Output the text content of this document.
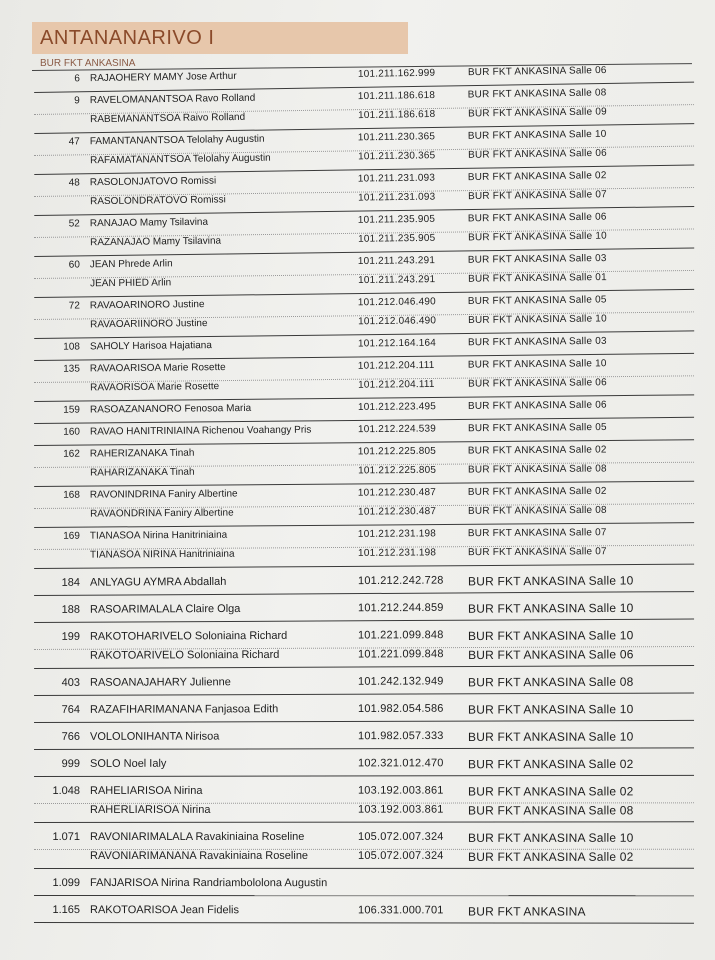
ANTANANARIVO I
BUR FKT ANKASINA
6 RAJAOHERY MAMY Jose Arthur	101.211.162.999	BUR FKT ANKASINA Salle 06
9 RAVELOMANANTSOA Ravo Rolland	101.211.186.618	BUR FKT ANKASINA Salle 08
RABEMANANTSOA Raivo Rolland	101.211.186.618	BUR FKT ANKASINA Salle 09
47 FAMANTANANTSOA Telolahy Augustin	101.211.230.365	BUR FKT ANKASINA Salle 10
RAFAMATANANTSOA Telolahy Augustin	101.211.230.365	BUR FKT ANKASINA Salle 06
48 RASOLONJATOVO Romissi	101.211.231.093	BUR FKT ANKASINA Salle 02
RASOLONDRATOVO Romissi	101.211.231.093	BUR FKT ANKASINA Salle 07
52 RANAJAO Mamy Tsilavina	101.211.235.905	BUR FKT ANKASINA Salle 06
RAZANAJAO Mamy Tsilavina	101.211.235.905	BUR FKT ANKASINA Salle 10
60 JEAN Phrede Arlin	101.211.243.291	BUR FKT ANKASINA Salle 03
JEAN PHIED Arlin	101.211.243.291	BUR FKT ANKASINA Salle 01
72 RAVAOARINORO Justine	101.212.046.490	BUR FKT ANKASINA Salle 05
RAVAOARIINORO Justine	101.212.046.490	BUR FKT ANKASINA Salle 10
108 SAHOLY Harisoa Hajatiana	101.212.164.164	BUR FKT ANKASINA Salle 03
135 RAVAOARISOA Marie Rosette	101.212.204.111	BUR FKT ANKASINA Salle 10
RAVAORISOA Marie Rosette	101.212.204.111	BUR FKT ANKASINA Salle 06
159 RASOAZANANORO Fenosoa Maria	101.212.223.495	BUR FKT ANKASINA Salle 06
160 RAVAO HANITRINIAINA Richenou Voahangy Pris	101.212.224.539	BUR FKT ANKASINA Salle 05
162 RAHERIZANAKA Tinah	101.212.225.805	BUR FKT ANKASINA Salle 02
RAHARIZANAKA Tinah	101.212.225.805	BUR FKT ANKASINA Salle 08
168 RAVONINDRINA Faniry Albertine	101.212.230.487	BUR FKT ANKASINA Salle 02
RAVAONDRINA Faniry Albertine	101.212.230.487	BUR FKT ANKASINA Salle 08
169 TIANASOA Nirina Hanitriniaina	101.212.231.198	BUR FKT ANKASINA Salle 07
TIANASOA NIRINA Hanitriniaina	101.212.231.198	BUR FKT ANKASINA Salle 07
184 ANLYAGU AYMRA Abdallah	101.212.242.728 BUR FKT ANKASINA Salle 10
188 RASOARIMALALA Claire Olga	101.212.244.859 BUR FKT ANKASINA Salle 10
199 RAKOTOHARIVELO Soloniaina Richard	101.221.099.848 BUR FKT ANKASINA Salle 10
RAKOTOARIVELO Soloniaina Richard	101.221.099.848 BUR FKT ANKASINA Salle 06
403 RASOANAJAHARY Julienne	101.242.132.949 BUR FKT ANKASINA Salle 08
764 RAZAFIHARIMANANA Fanjasoa Edith	101.982.054.586 BUR FKT ANKASINA Salle 10
766 VOLOLONIHANTA Nirisoa	101.982.057.333 BUR FKT ANKASINA Salle 10
999 SOLO Noel Ialy	102.321.012.470 BUR FKT ANKASINA Salle 02
1.048 RAHELIARISOA Nirina	103.192.003.861 BUR FKT ANKASINA Salle 02
RAHERLIARISOA Nirina	103.192.003.861 BUR FKT ANKASINA Salle 08
1.071 RAVONIARIMALALA Ravakiniaina Roseline	105.072.007.324 BUR FKT ANKASINA Salle 10
RAVONIARIMANANA Ravakiniaina Roseline	105.072.007.324 BUR FKT ANKASINA Salle 02
1.099 FANJARISOA Nirina Randriambololona Augustin
1.165 RAKOTOARISOA Jean Fidelis	106.331.000.701 BUR FKT ANKASINA
